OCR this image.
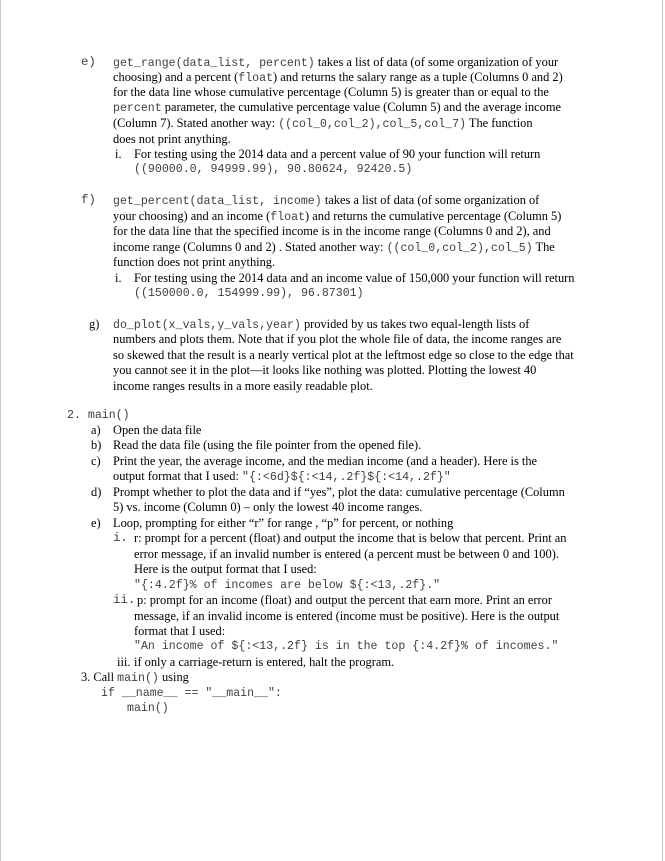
e) get_range(data_list, percent) takes a list of data (of some organization of your
choosing) and a percent (float) and returns the salary range as a tuple (Columns 0 and 2)
for the data line whose cumulative percentage (Column 5) is greater than or equal to the
percent parameter, the cumulative percentage value (Column 5) and the average income
(Column 7). Stated another way: ((col_0,col_2),col_5,col_7) The function
does not print anything.
i. For testing using the 2014 data and a percent value of 90 your function will return
((90000.0, 94999.99), 90.80624, 92420.5)
f) get_percent(data_list, income) takes a list of data (of some organization of
your choosing) and an income (float) and returns the cumulative percentage (Column 5)
for the data line that the specified income is in the income range (Columns 0 and 2), and
income range (Columns 0 and 2) . Stated another way: ((col_0,col_2),col_5) The
function does not print anything.
i. For testing using the 2014 data and an income value of 150,000 your function will return
((150000.0, 154999.99), 96.87301)
g) do_plot(x_vals,y_vals,year) provided by us takes two equal-length lists of
numbers and plots them. Note that if you plot the whole file of data, the income ranges are
so skewed that the result is a nearly vertical plot at the leftmost edge so close to the edge that
you cannot see it in the plot—it looks like nothing was plotted. Plotting the lowest 40
income ranges results in a more easily readable plot.
2. main()
a) Open the data file
b) Read the data file (using the file pointer from the opened file).
c) Print the year, the average income, and the median income (and a header). Here is the
output format that I used: "{:<6d}${:<14,.2f}${:<14,.2f}"
d) Prompt whether to plot the data and if “yes”, plot the data: cumulative percentage (Column
5) vs. income (Column 0) – only the lowest 40 income ranges.
e) Loop, prompting for either “r” for range , “p” for percent, or nothing
i. r: prompt for a percent (float) and output the income that is below that percent. Print an
error message, if an invalid number is entered (a percent must be between 0 and 100).
Here is the output format that I used:
"{:4.2f}% of incomes are below ${:<13,.2f}."
ii. p: prompt for an income (float) and output the percent that earn more. Print an error
message, if an invalid income is entered (income must be positive). Here is the output
format that I used:
"An income of ${:<13,.2f} is in the top {:4.2f}% of incomes."
iii. if only a carriage-return is entered, halt the program.
3. Call main() using
if __name__ == "__main__":
main()
